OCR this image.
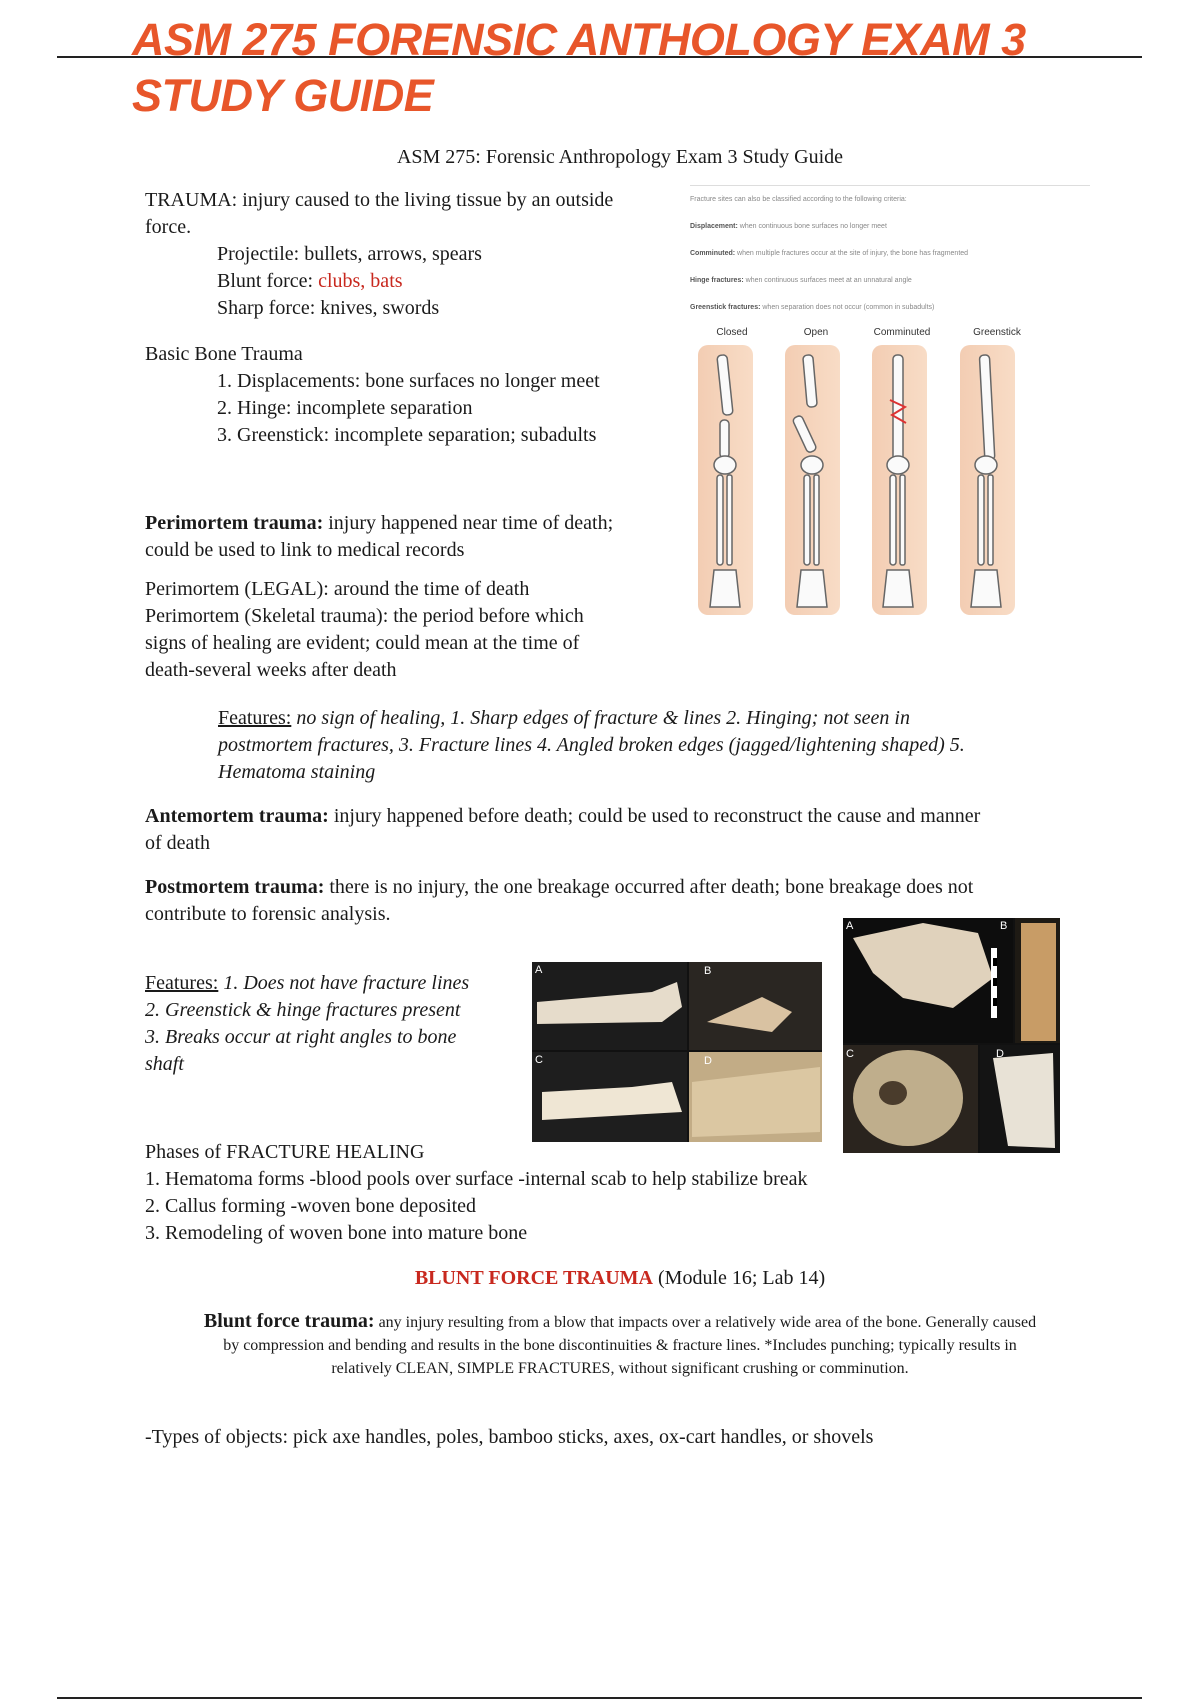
ASM 275 FORENSIC ANTHOLOGY EXAM 3 STUDY GUIDE
ASM 275: Forensic Anthropology Exam 3 Study Guide

TRAUMA: injury caused to the living tissue by an outside

force.

Projectile: bullets, arrows, spears

Blunt force: clubs, bats

Sharp force: knives, swords

Basic Bone Trauma

1. Displacements: bone surfaces no longer meet

2. Hinge: incomplete separation

3. Greenstick: incomplete separation; subadults

Fracture sites can also be classified according to the following criteria:
Displacement: when continuous bone surfaces no longer meet
Comminuted: when multiple fractures occur at the site of injury, the bone has fragmented
Hinge fractures: when continuous surfaces meet at an unnatural angle
Greenstick fractures: when separation does not occur (common in subadults)
Closed	Open	Comminuted	Greenstick

Perimortem trauma: injury happened near time of death;

could be used to link to medical records

Perimortem (LEGAL): around the time of death

Perimortem (Skeletal trauma): the period before which

signs of healing are evident; could mean at the time of

death-several weeks after death

Features: no sign of healing, 1. Sharp edges of fracture & lines 2. Hinging; not seen in

postmortem fractures, 3. Fracture lines 4. Angled broken edges (jagged/lightening shaped) 5.

Hematoma staining

Antemortem trauma: injury happened before death; could be used to reconstruct the cause and manner

of death

Postmortem trauma: there is no injury, the one breakage occurred after death; bone breakage does not

contribute to forensic analysis.

Features: 1. Does not have fracture lines

2. Greenstick & hinge fractures present

3. Breaks occur at right angles to bone

shaft

A	B
C	D
A	B
C	D

Phases of FRACTURE HEALING

1. Hematoma forms -blood pools over surface -internal scab to help stabilize break

2. Callus forming -woven bone deposited

3. Remodeling of woven bone into mature bone

BLUNT FORCE TRAUMA (Module 16; Lab 14)

Blunt force trauma: any injury resulting from a blow that impacts over a relatively wide area of the bone. Generally caused

by compression and bending and results in the bone discontinuities & fracture lines. *Includes punching; typically results in

relatively CLEAN, SIMPLE FRACTURES, without significant crushing or comminution.

-Types of objects: pick axe handles, poles, bamboo sticks, axes, ox-cart handles, or shovels
